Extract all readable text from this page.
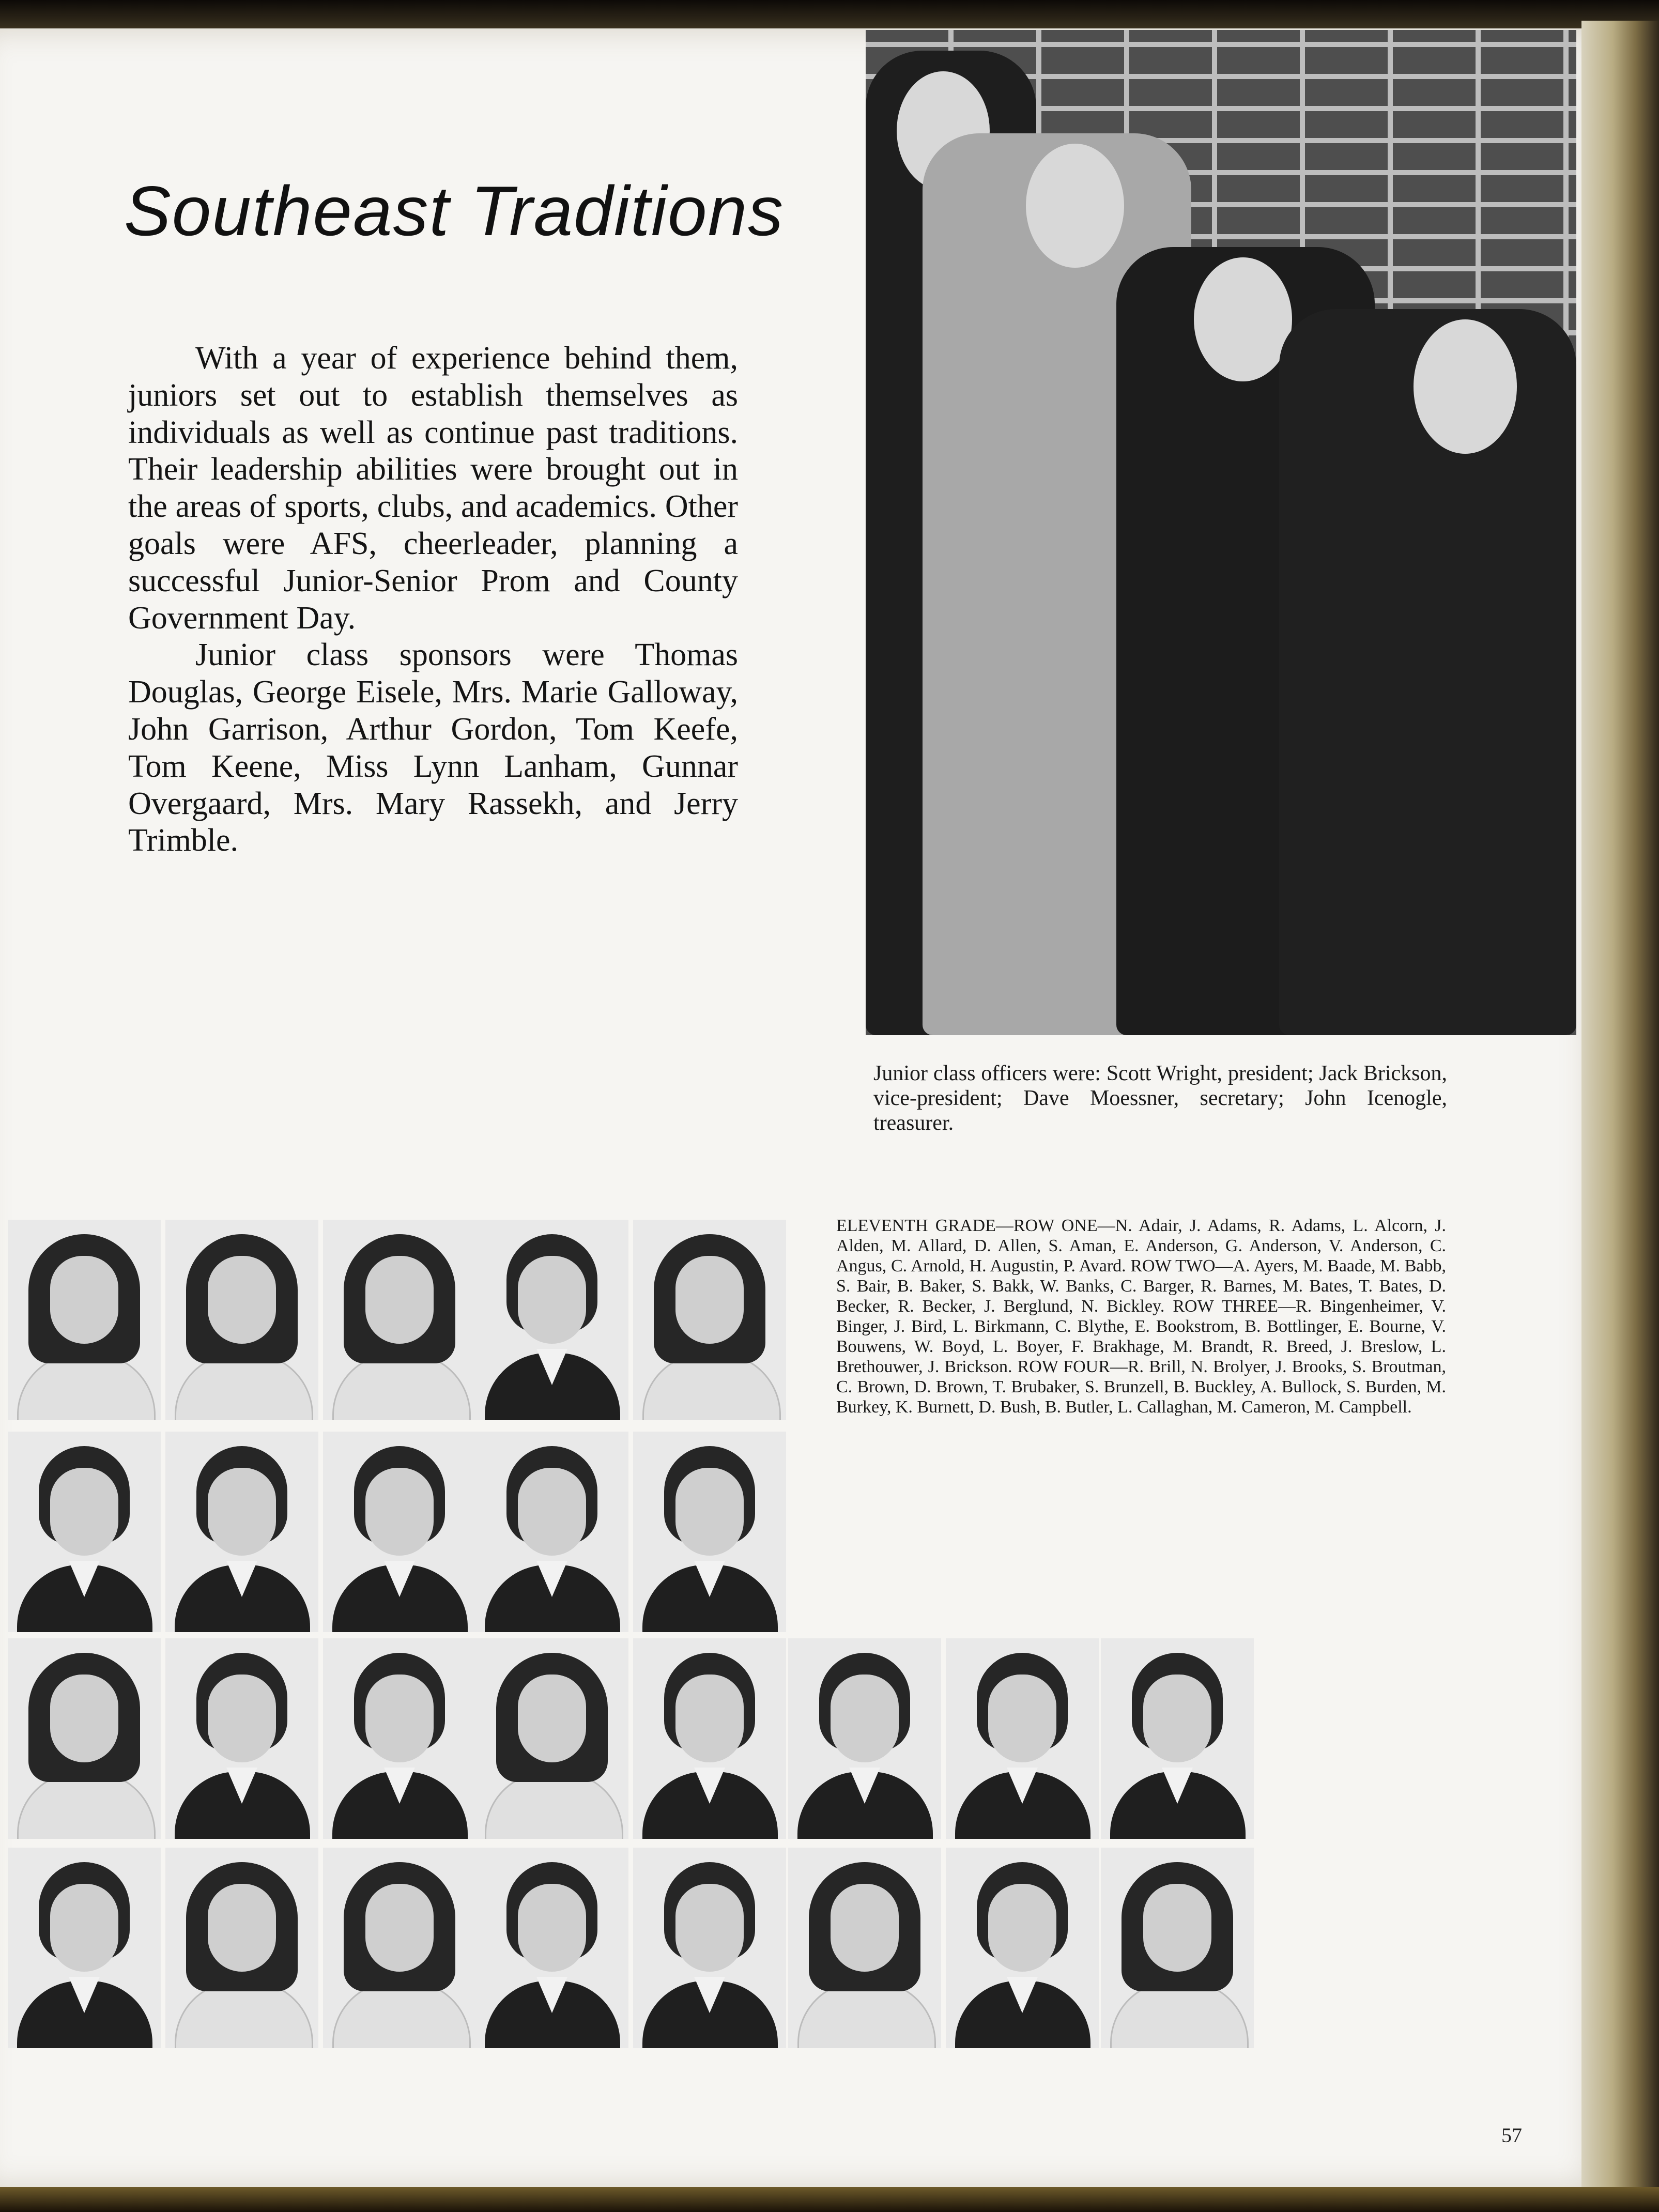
Southeast Traditions

With a year of experience behind them, juniors set out to establish themselves as individuals as well as continue past traditions. Their leadership abilities were brought out in the areas of sports, clubs, and academics. Other goals were AFS, cheerleader, planning a successful Junior-Senior Prom and County Government Day.

Junior class sponsors were Thomas Douglas, George Eisele, Mrs. Marie Galloway, John Garrison, Arthur Gordon, Tom Keefe, Tom Keene, Miss Lynn Lanham, Gunnar Overgaard, Mrs. Mary Rassekh, and Jerry Trimble.

Junior class officers were: Scott Wright, president; Jack Brickson, vice-president; Dave Moessner, secretary; John Icenogle, treasurer.
ELEVENTH GRADE—ROW ONE—N. Adair, J. Adams, R. Adams, L. Alcorn, J. Alden, M. Allard, D. Allen, S. Aman, E. Anderson, G. Anderson, V. Anderson, C. Angus, C. Arnold, H. Augustin, P. Avard. ROW TWO—A. Ayers, M. Baade, M. Babb, S. Bair, B. Baker, S. Bakk, W. Banks, C. Barger, R. Barnes, M. Bates, T. Bates, D. Becker, R. Becker, J. Berglund, N. Bickley. ROW THREE—R. Bingenheimer, V. Binger, J. Bird, L. Birkmann, C. Blythe, E. Bookstrom, B. Bottlinger, E. Bourne, V. Bouwens, W. Boyd, L. Boyer, F. Brakhage, M. Brandt, R. Breed, J. Breslow, L. Brethouwer, J. Brickson. ROW FOUR—R. Brill, N. Brolyer, J. Brooks, S. Broutman, C. Brown, D. Brown, T. Brubaker, S. Brunzell, B. Buckley, A. Bullock, S. Burden, M. Burkey, K. Burnett, D. Bush, B. Butler, L. Callaghan, M. Cameron, M. Campbell.
57
